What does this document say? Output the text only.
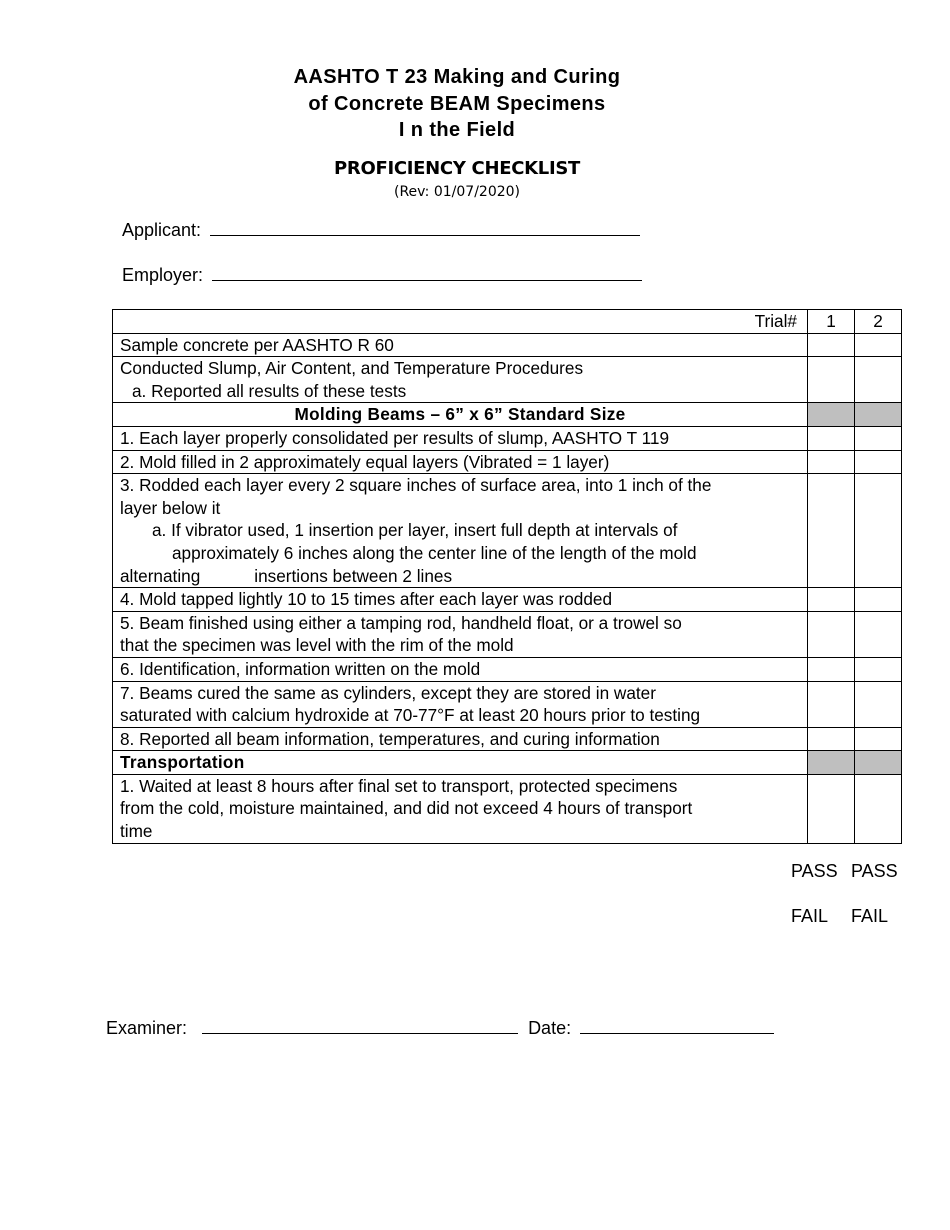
AASHTO T 23 Making and Curing
of Concrete BEAM Specimens
I n the Field
PROFICIENCY CHECKLIST
(Rev: 01/07/2020)
Applicant:
Employer:
Trial#	1	2
Sample concrete per AASHTO R 60		

Conducted Slump, Air Content, and Temperature Procedures
a. Reported all results of these tests		

Molding Beams – 6” x 6” Standard Size		
1. Each layer properly consolidated per results of slump, AASHTO T 119		
2. Mold filled in 2 approximately equal layers (Vibrated = 1 layer)		

3. Rodded each layer every 2 square inches of surface area, into 1 inch of the
layer below it
a. If vibrator used, 1 insertion per layer, insert full depth at intervals of
approximately 6 inches along the center line of the length of the mold
alternating insertions between 2 lines		

4. Mold tapped lightly 10 to 15 times after each layer was rodded		

5. Beam finished using either a tamping rod, handheld float, or a trowel so
that the specimen was level with the rim of the mold		

6. Identification, information written on the mold		

7. Beams cured the same as cylinders, except they are stored in water
saturated with calcium hydroxide at 70-77°F at least 20 hours prior to testing		

8. Reported all beam information, temperatures, and curing information		
Transportation		

1. Waited at least 8 hours after final set to transport, protected specimens
from the cold, moisture maintained, and did not exceed 4 hours of transport
time		

PASS PASS
FAIL FAIL
Examiner:	Date:
